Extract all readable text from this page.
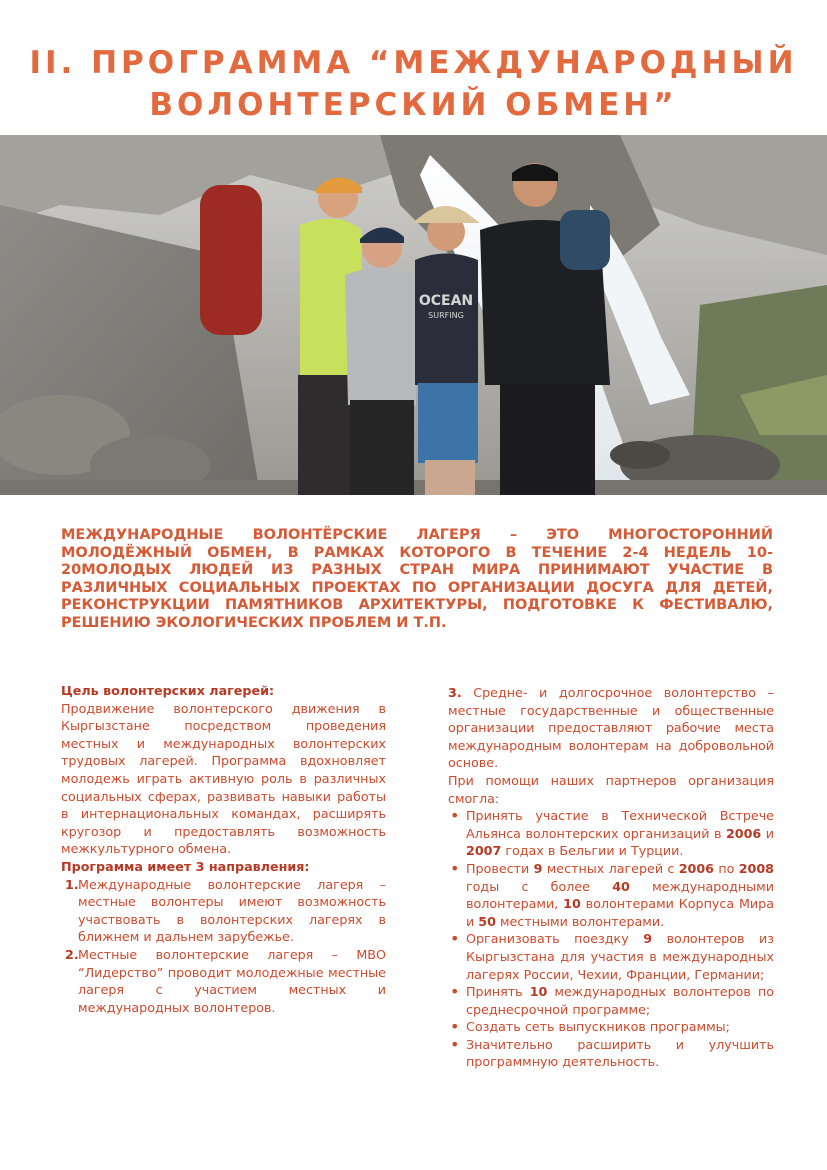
II. ПРОГРАММА “МЕЖДУНАРОДНЫЙ
ВОЛОНТЕРСКИЙ ОБМЕН”
OCEAN
SURFING

МЕЖДУНАРОДНЫЕ ВОЛОНТЁРСКИЕ ЛАГЕРЯ – ЭТО МНОГОСТОРОННИЙ МОЛОДЁЖНЫЙ ОБМЕН, В РАМКАХ КОТОРОГО В ТЕЧЕНИЕ 2-4 НЕДЕЛЬ 10-20МОЛОДЫХ ЛЮДЕЙ ИЗ РАЗНЫХ СТРАН МИРА ПРИНИМАЮТ УЧАСТИЕ В РАЗЛИЧНЫХ СОЦИАЛЬНЫХ ПРОЕКТАХ ПО ОРГАНИЗАЦИИ ДОСУГА ДЛЯ ДЕТЕЙ, РЕКОНСТРУКЦИИ ПАМЯТНИКОВ АРХИТЕКТУРЫ, ПОДГОТОВКЕ К ФЕСТИВАЛЮ, РЕШЕНИЮ ЭКОЛОГИЧЕСКИХ ПРОБЛЕМ И Т.П.

Цель волонтерских лагерей:

Продвижение волонтерского движения в Кыргызстане посредством проведения местных и международных волонтерских трудовых лагерей. Программа вдохновляет молодежь играть активную роль в различных социальных сферах, развивать навыки работы в интернациональных командах, расширять кругозор и предоставлять возможность межкультурного обмена.

Программа имеет 3 направления:
1. Международные волонтерские лагеря – местные волонтеры имеют возможность участвовать в волонтерских лагерях в ближнем и дальнем зарубежье.
2. Местные волонтерские лагеря – МВО “Лидерство” проводит молодежные местные лагеря с участием местных и международных волонтеров.

3. Средне- и долгосрочное волонтерство – местные государственные и общественные организации предоставляют рабочие места международным волонтерам на добровольной основе.

При помощи наших партнеров организация смогла:

• Принять участие в Технической Встрече Альянса волонтерских организаций в 2006 и 2007 годах в Бельгии и Турции.
• Провести 9 местных лагерей с 2006 по 2008 годы с более 40 международными волонтерами, 10 волонтерами Корпуса Мира и 50 местными волонтерами.
• Организовать поездку 9 волонтеров из Кыргызстана для участия в международных лагерях России, Чехии, Франции, Германии;
• Принять 10 международных волонтеров по среднесрочной программе;
• Создать сеть выпускников программы;
• Значительно расширить и улучшить программную деятельность.
